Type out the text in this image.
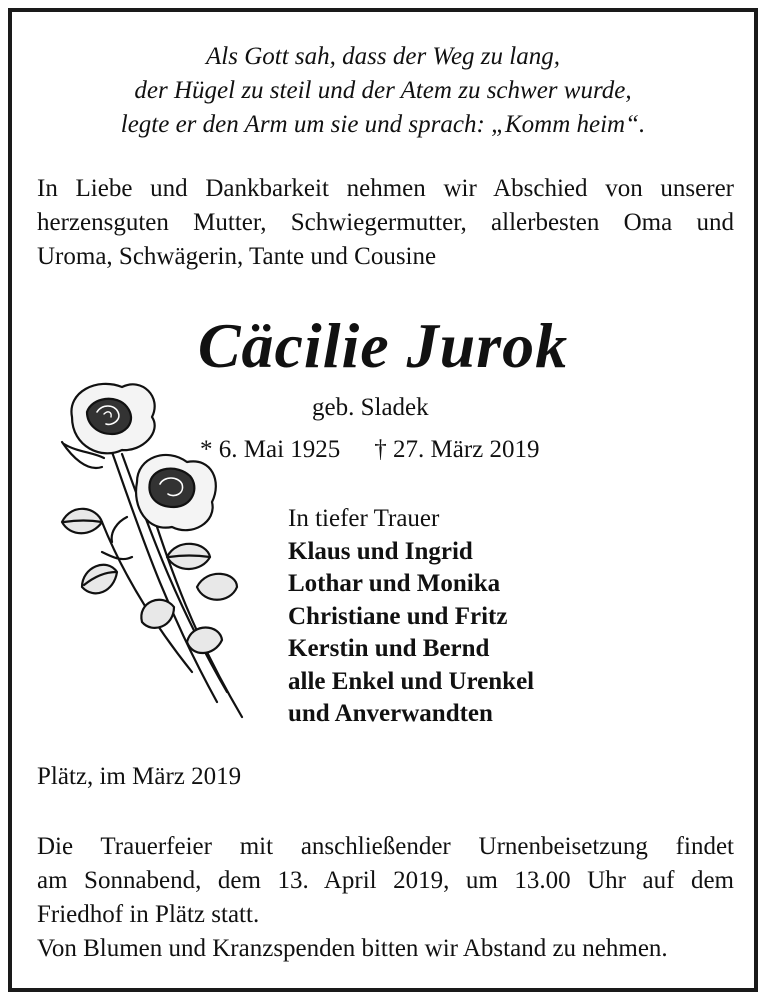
Als Gott sah, dass der Weg zu lang,
der Hügel zu steil und der Atem zu schwer wurde,
legte er den Arm um sie und sprach: „Komm heim“.
In Liebe und Dankbarkeit nehmen wir Abschied von unserer
herzensguten Mutter, Schwiegermutter, allerbesten Oma und
Uroma, Schwägerin, Tante und Cousine
Cäcilie Jurok
geb. Sladek
* 6. Mai 1925 † 27. März 2019
In tiefer Trauer
Klaus und Ingrid
Lothar und Monika
Christiane und Fritz
Kerstin und Bernd
alle Enkel und Urenkel
und Anverwandten
Plätz, im März 2019
Die Trauerfeier mit anschließender Urnenbeisetzung findet
am Sonnabend, dem 13. April 2019, um 13.00 Uhr auf dem
Friedhof in Plätz statt.
Von Blumen und Kranzspenden bitten wir Abstand zu nehmen.
